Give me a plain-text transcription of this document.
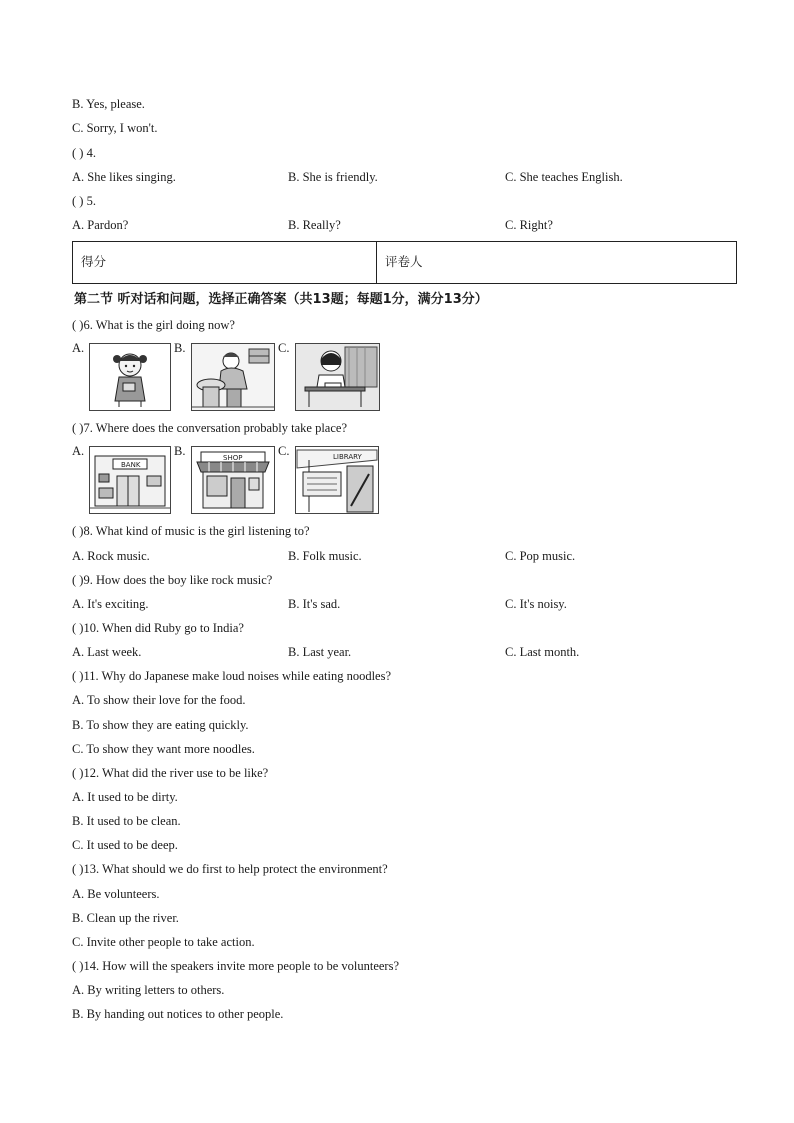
B. Yes, please.
C. Sorry, I won't.
( ) 4.
A. She likes singing.	B. She is friendly.	C. She teaches English.
( ) 5.
A. Pardon?	B. Really?	C. Right?
得分	评卷人
第二节 听对话和问题，选择正确答案（共13题；每题1分，满分13分）
( )6. What is the girl doing now?
A.	B.	C.
( )7. Where does the conversation probably take place?
A.
BANK
B.	SHOP	C.	LIBRARY
( )8. What kind of music is the girl listening to?
A. Rock music.	B. Folk music.	C. Pop music.
( )9. How does the boy like rock music?
A. It's exciting.	B. It's sad.	C. It's noisy.
( )10. When did Ruby go to India?
A. Last week.	B. Last year.	C. Last month.
( )11. Why do Japanese make loud noises while eating noodles?
A. To show their love for the food.
B. To show they are eating quickly.
C. To show they want more noodles.
( )12. What did the river use to be like?
A. It used to be dirty.
B. It used to be clean.
C. It used to be deep.
( )13. What should we do first to help protect the environment?
A. Be volunteers.
B. Clean up the river.
C. Invite other people to take action.
( )14. How will the speakers invite more people to be volunteers?
A. By writing letters to others.
B. By handing out notices to other people.
